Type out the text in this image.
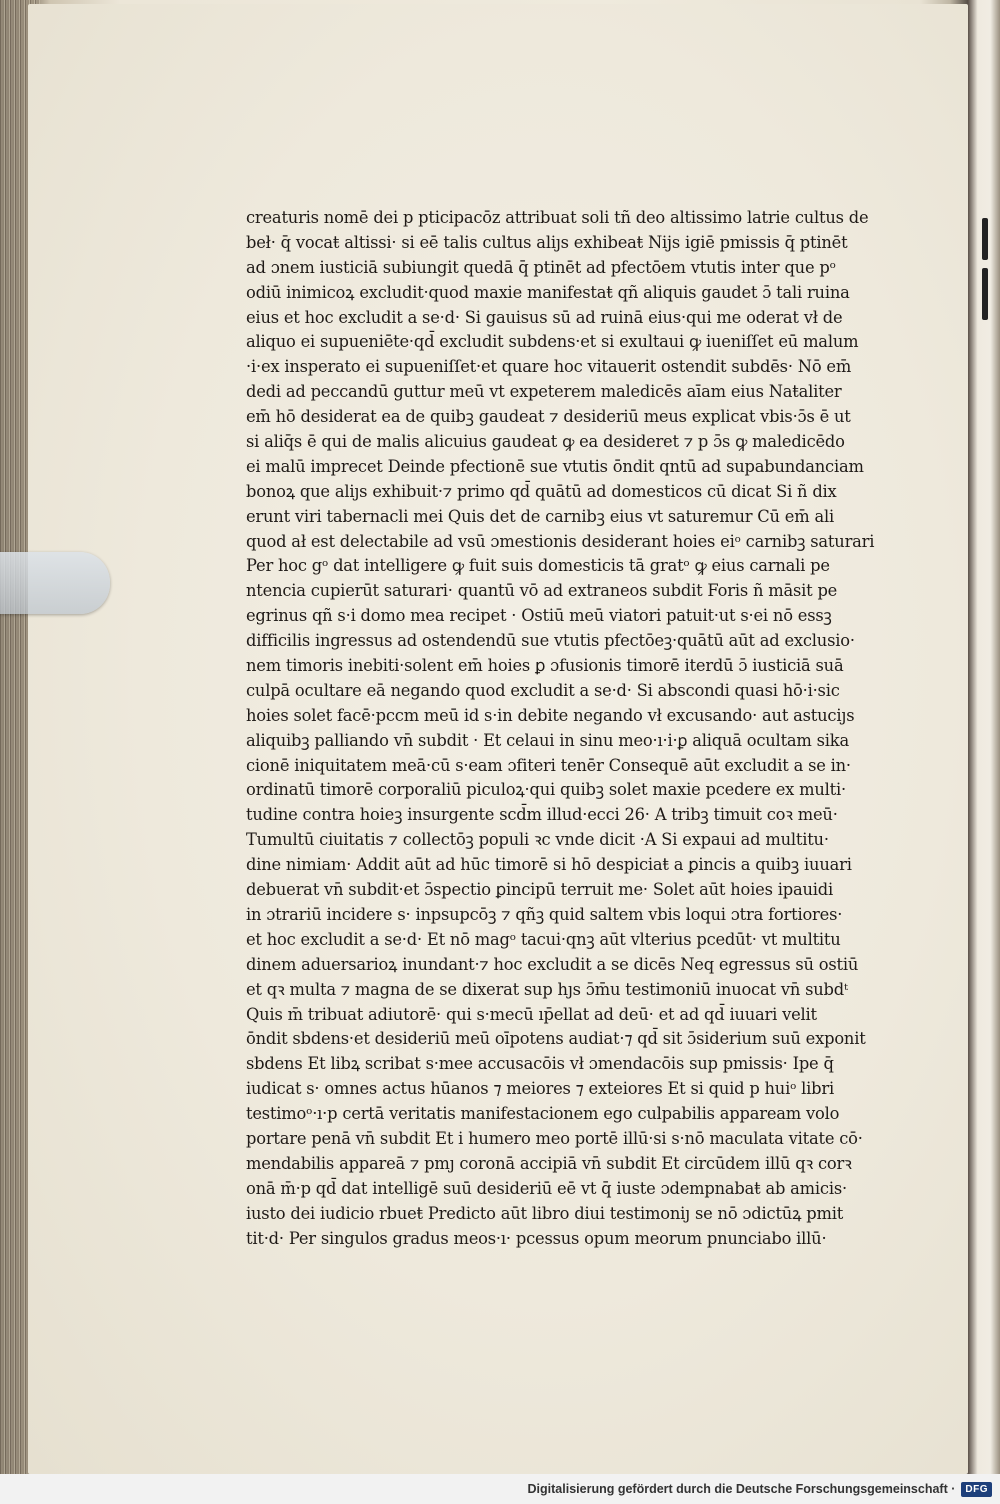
creaturis nomē dei p pticipacōz attribuat soli tñ deo altissimo latrie cultus de
beł· q̄ vocaŧ altissi· si eē talis cultus aliȷs exhibeaŧ Nijs igiē pmissis q̄ ptinēt
ad ɔnem iusticiā subiungit quedā q̄ ptinēt ad pfectōem vtutis inter que pᵒ
odiū inimicoꝝ excludit·quod maxie manifestaŧ qñ aliquis gaudet ɔ̄ tali ruina
eius et hoc excludit a se·d· Si gauisus sū ad ruinā eius·qui me oderat vł de
aliquo ei supueniēte·qd̄ excludit subdens·et si exultaui ꝙ iueniſſet eū malum
·i·ex insperato ei supueniſſet·et quare hoc vitauerit ostendit subdēs· Nō em̄
dedi ad peccandū guttur meū vt expeterem maledicēs aīam eius Naŧaliter
em̄ hō desiderat ea de quibꝫ gaudeat ⁊ desideriū meus explicat vbis·ɔ̄s ē ut
si aliq̄s ē qui de malis alicuius gaudeat ꝙ ea desideret ⁊ p ɔ̄s ꝙ maledicēdo
ei malū imprecet Deinde pfectionē sue vtutis ōndit qntū ad supabundanciam
bonoꝝ que aliȷs exhibuit·⁊ primo qd̄ quātū ad domesticos cū dicat Si ñ dix
erunt viri tabernacli mei Quis det de carnibꝫ eius vt saturemur Cū em̄ ali
quod ał est delectabile ad vsū ɔmestionis desiderant hoies eiᵒ carnibꝫ saturari
Per hoc gᵒ dat intelligere ꝙ fuit suis domesticis tā gratᵒ ꝙ eius carnali pe
ntencia cupierūt saturari· quantū vō ad extraneos subdit Foris ñ māsit pe
egrinus qñ s·i domo mea recipet · Ostiū meū viatori patuit·ut s·ei nō essꝫ
difficilis ingressus ad ostendendū sue vtutis pfectōeꝫ·quātū aūt ad exclusio·
nem timoris inebiti·solent em̄ hoies ꝑ ɔfusionis timorē iterdū ɔ̄ iusticiā suā
culpā ocultare eā negando quod excludit a se·d· Si abscondi quasi hō·i·sic
hoies solet facē·pccm meū id s·in debite negando vł excusando· aut astuciȷs
aliquibꝫ palliando vn̄ subdit · Et celaui in sinu meo·ı·i·ꝑ aliquā ocultam sika
cionē iniquitatem meā·cū s·eam ɔfiteri tenēr Consequē aūt excludit a se in·
ordinatū timorē corporaliū piculoꝝ·qui quibꝫ solet maxie pcedere ex multi·
tudine contra hoieꝫ insurgente scd̄m illud·ecci 26· A tribꝫ timuit coꝛ meū·
Tumultū ciuitatis ⁊ collectōꝫ populi ꝛc vnde dicit ·A Si expaui ad multitu·
dine nimiam· Addit aūt ad hūc timorē si hō despiciaŧ a ꝑincis a quibꝫ iuuari
debuerat vn̄ subdit·et ɔ̄spectio ꝑincipū terruit me· Solet aūt hoies ipauidi
in ɔtrariū incidere s· inpsupcōꝫ ⁊ qñꝫ quid saltem vbis loqui ɔtra fortiores·
et hoc excludit a se·d· Et nō magᵒ tacui·qnꝫ aūt vlterius pcedūt· vt multitu
dinem aduersarioꝝ inundant·⁊ hoc excludit a se dicēs Neq egressus sū ostiū
et qꝛ multa ⁊ magna de se dixerat sup hȷs ɔ̄m̄u testimoniū inuocat vn̄ subdᵗ
Quis m̄ tribuat adiutorē· qui s·mecū ıp̄ellat ad deū· et ad qd̄ iuuari velit
ōndit sbdens·et desideriū meū oīpotens audiat·⁊ qd̄ sit ɔ̄siderium suū exponit
sbdens Et libꝝ scribat s·mee accusacōis vł ɔmendacōis sup pmissis· Ipe q̄
iudicat s· omnes actus hūanos ⁊ meiores ⁊ exteiores Et si quid p huiᵒ libri
testimoᵒ·ı·p certā veritatis manifestacionem ego culpabilis appaream volo
portare penā vn̄ subdit Et i humero meo portē illū·si s·nō maculata vitate cō·
mendabilis appareā ⁊ pmȷ coronā accipiā vn̄ subdit Et circūdem illū qꝛ corꝛ
onā m̄·p qd̄ dat intelligē suū desideriū eē vt q̄ iuste ɔdempnabaŧ ab amicis·
iusto dei iudicio rbueŧ Predicto aūt libro diui testimoniȷ se nō ɔdictūꝝ pmit
tit·d· Per singulos gradus meos·ı· pcessus opum meorum pnunciabo illū·
Digitalisierung gefördert durch die Deutsche Forschungsgemeinschaft ·	DFG
